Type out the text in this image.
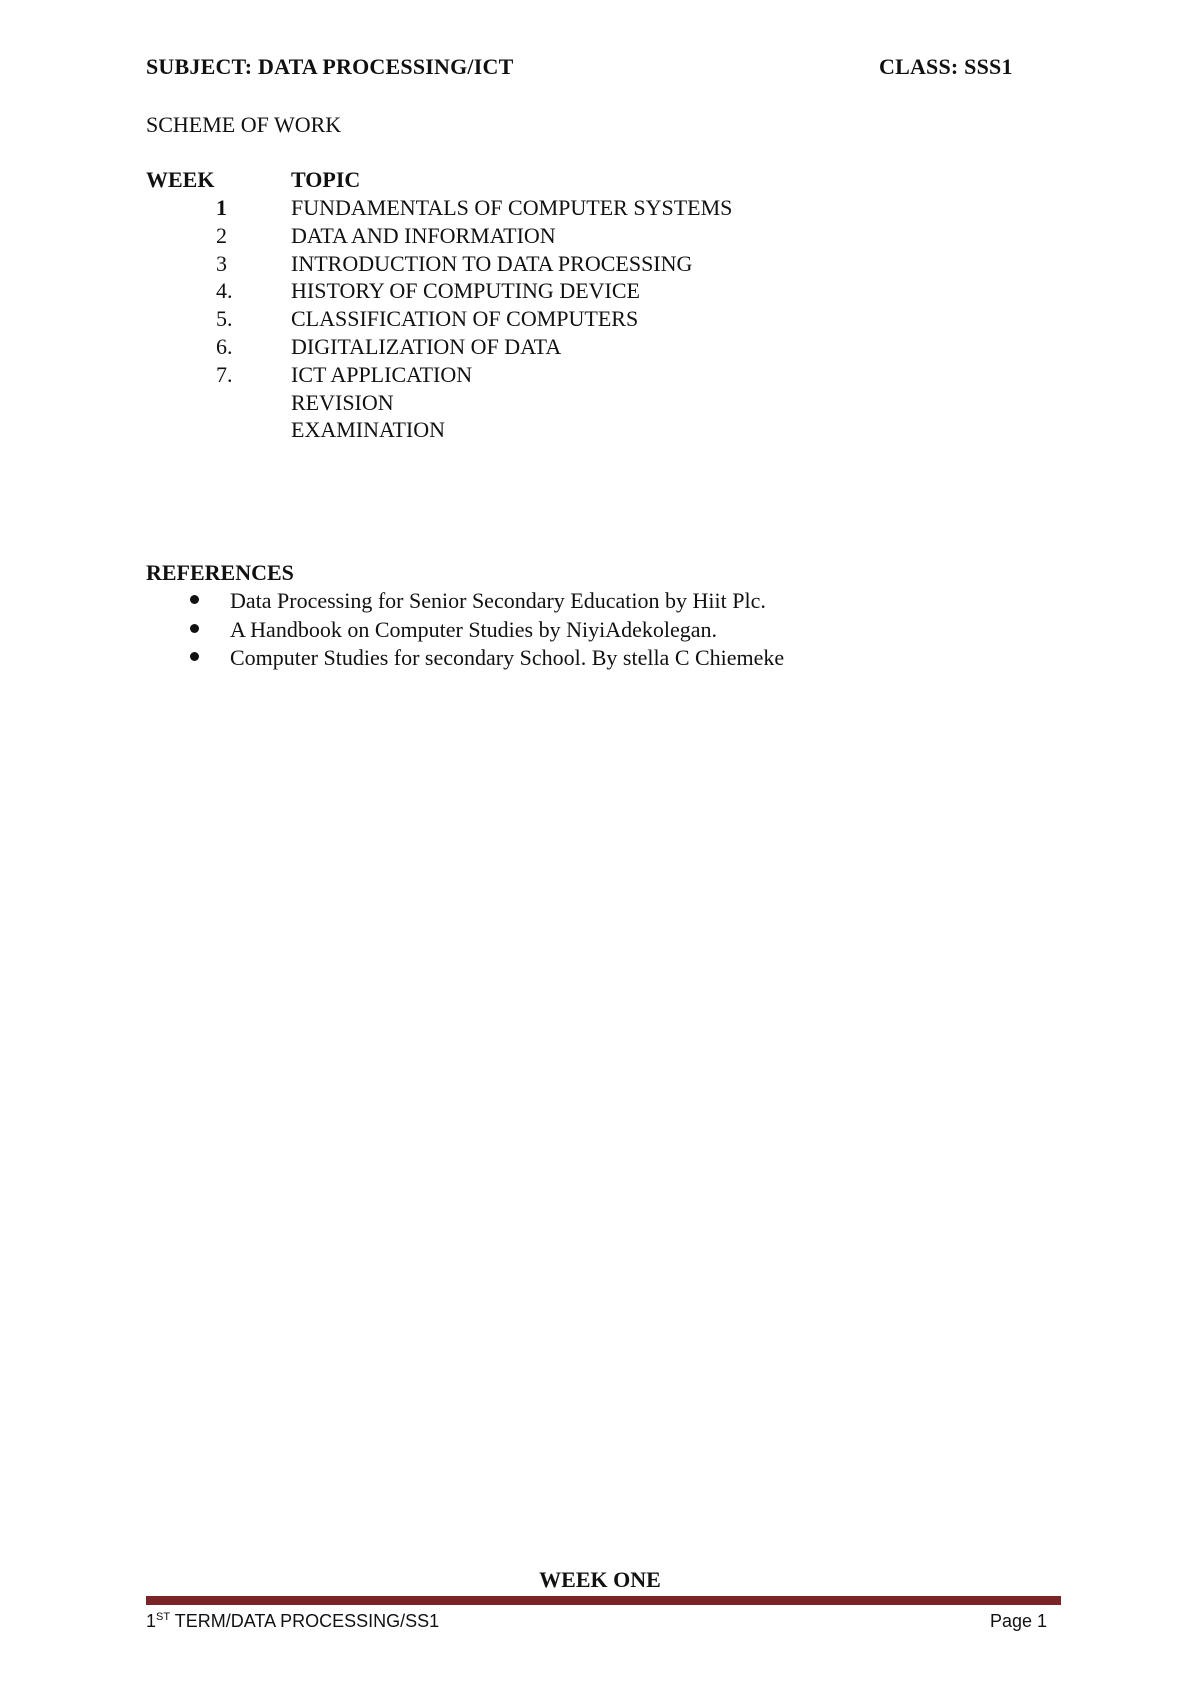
SUBJECT: DATA PROCESSING/ICT	CLASS: SSS1
SCHEME OF WORK
WEEK	TOPIC
1	FUNDAMENTALS OF COMPUTER SYSTEMS
2	DATA AND INFORMATION
3	INTRODUCTION TO DATA PROCESSING
4.	HISTORY OF COMPUTING DEVICE
5.	CLASSIFICATION OF COMPUTERS
6.	DIGITALIZATION OF DATA
7.	ICT APPLICATION
REVISION
EXAMINATION
REFERENCES
Data Processing for Senior Secondary Education by Hiit Plc.
A Handbook on Computer Studies by NiyiAdekolegan.
Computer Studies for secondary School. By stella C Chiemeke
WEEK ONE
1ST TERM/DATA PROCESSING/SS1	Page 1
